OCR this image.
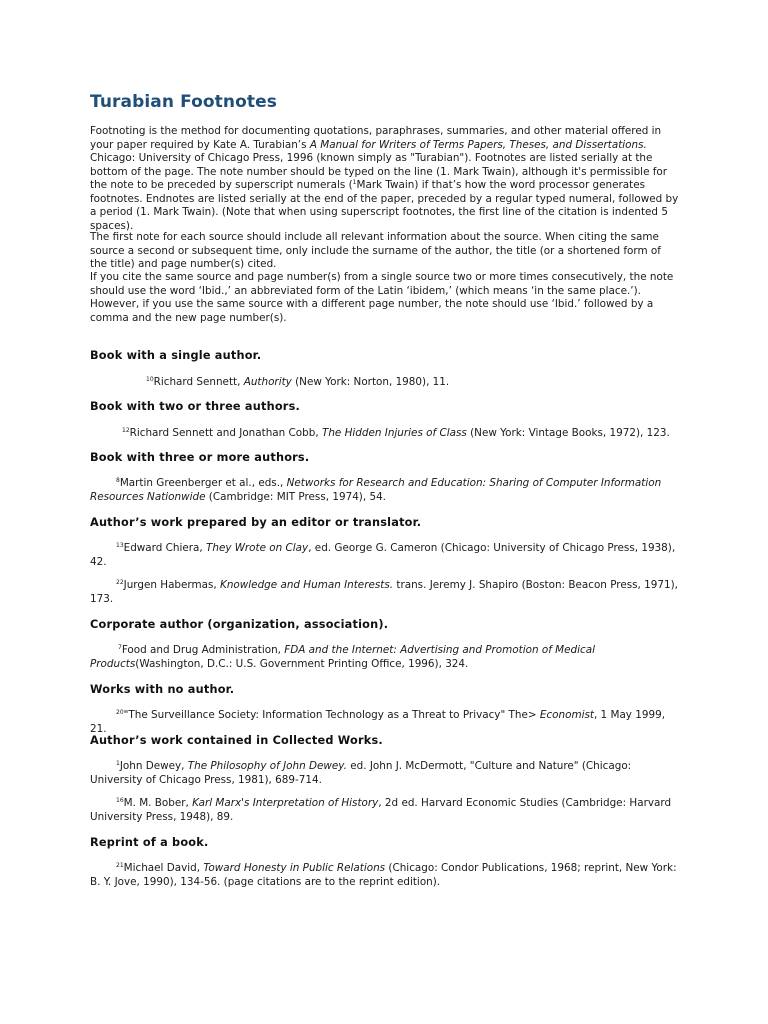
Turabian Footnotes

Footnoting is the method for documenting quotations, paraphrases, summaries, and other material offered in your paper required by Kate A. Turabian’s A Manual for Writers of Terms Papers, Theses, and Dissertations. Chicago: University of Chicago Press, 1996 (known simply as "Turabian"). Footnotes are listed serially at the bottom of the page. The note number should be typed on the line (1. Mark Twain), although it's permissible for the note to be preceded by superscript numerals ($^1$Mark Twain) if that’s how the word processor generates footnotes. Endnotes are listed serially at the end of the paper, preceded by a regular typed numeral, followed by a period (1. Mark Twain). (Note that when using superscript footnotes, the first line of the citation is indented 5 spaces).

The first note for each source should include all relevant information about the source. When citing the same source a second or subsequent time, only include the surname of the author, the title (or a shortened form of the title) and page number(s) cited.

If you cite the same source and page number(s) from a single source two or more times consecutively, the note should use the word ‘Ibid.,’ an abbreviated form of the Latin ‘ibidem,’ (which means ‘in the same place.’). However, if you use the same source with a different page number, the note should use ‘Ibid.’ followed by a comma and the new page number(s).

Book with a single author.

$^{10}$Richard Sennett, Authority (New York: Norton, 1980), 11.

Book with two or three authors.

$^{12}$Richard Sennett and Jonathan Cobb, The Hidden Injuries of Class (New York: Vintage Books, 1972), 123.

Book with three or more authors.

$^8$Martin Greenberger et al., eds., Networks for Research and Education: Sharing of Computer Information Resources Nationwide (Cambridge: MIT Press, 1974), 54.

Author’s work prepared by an editor or translator.

$^{13}$Edward Chiera, They Wrote on Clay, ed. George G. Cameron (Chicago: University of Chicago Press, 1938), 42.

$^{22}$Jurgen Habermas, Knowledge and Human Interests. trans. Jeremy J. Shapiro (Boston: Beacon Press, 1971), 173.

Corporate author (organization, association).

$^7$Food and Drug Administration, FDA and the Internet: Advertising and Promotion of Medical Products(Washington, D.C.: U.S. Government Printing Office, 1996), 324.

Works with no author.

$^{20}$"The Surveillance Society: Information Technology as a Threat to Privacy" The> Economist, 1 May 1999, 21.

Author’s work contained in Collected Works.

$^1$John Dewey, The Philosophy of John Dewey. ed. John J. McDermott, "Culture and Nature" (Chicago: University of Chicago Press, 1981), 689-714.

$^{16}$M. M. Bober, Karl Marx's Interpretation of History, 2d ed. Harvard Economic Studies (Cambridge: Harvard University Press, 1948), 89.

Reprint of a book.

$^{21}$Michael David, Toward Honesty in Public Relations (Chicago: Condor Publications, 1968; reprint, New York: B. Y. Jove, 1990), 134-56. (page citations are to the reprint edition).
